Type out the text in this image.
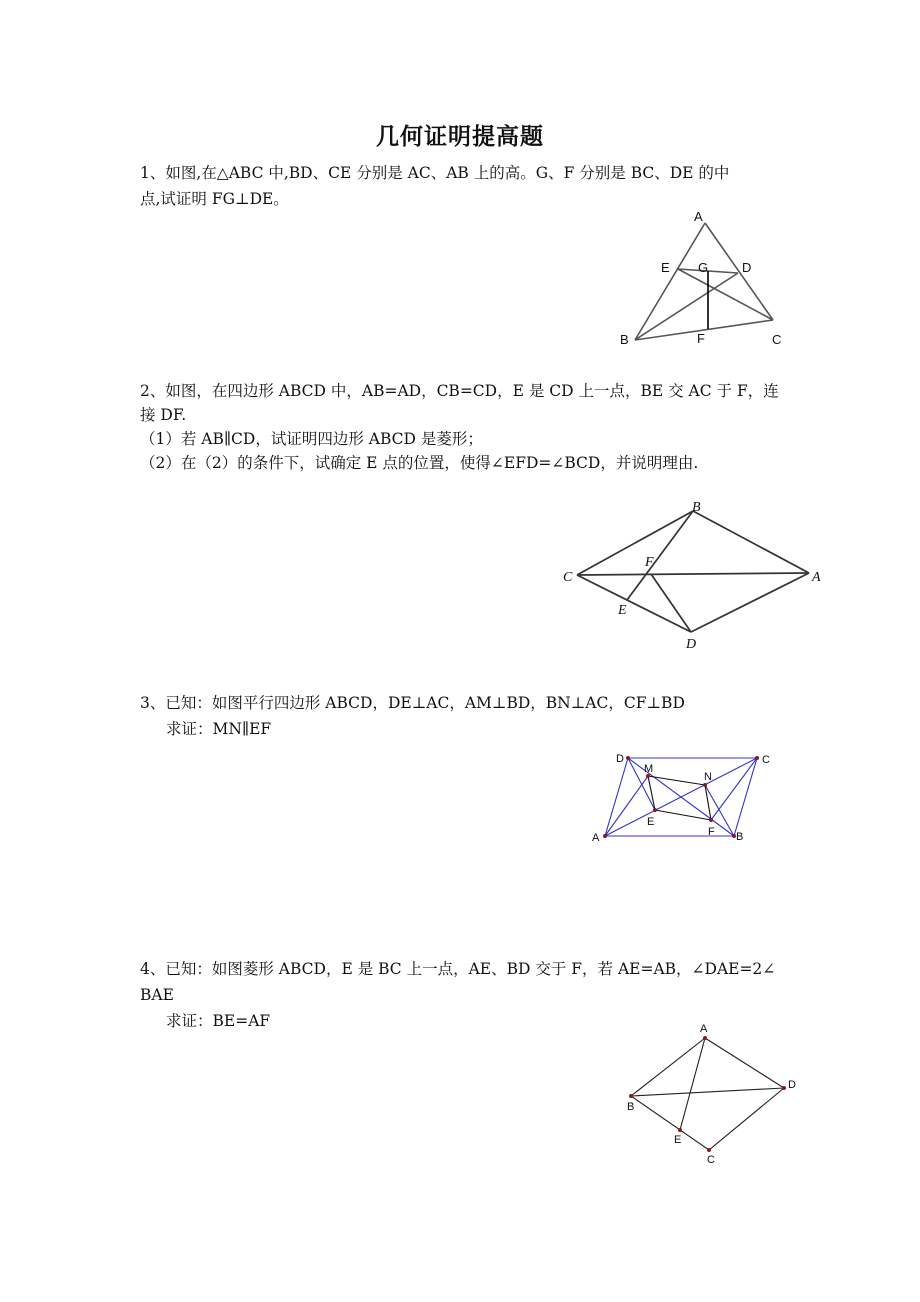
几何证明提高题
1、如图,在△ABC 中,BD、CE 分别是 AC、AB 上的高。G、F 分别是 BC、DE 的中
点,试证明 FG⊥DE。
A
E G	D
B	F	C
2、如图，在四边形 ABCD 中，AB=AD，CB=CD，E 是 CD 上一点，BE 交 AC 于 F，连
接 DF.
（1）若 AB∥CD，试证明四边形 ABCD 是菱形；
（2）在（2）的条件下，试确定 E 点的位置，使得∠EFD=∠BCD，并说明理由.
B
C
F
A
E
D
3、已知：如图平行四边形 ABCD，DE⊥AC，AM⊥BD，BN⊥AC，CF⊥BD
求证：MN∥EF
D	C
M
N
E
F
A	B
4、已知：如图菱形 ABCD，E 是 BC 上一点，AE、BD 交于 F，若 AE=AB，∠DAE=2∠
BAE
求证：BE=AF	A
B
D
E
C
